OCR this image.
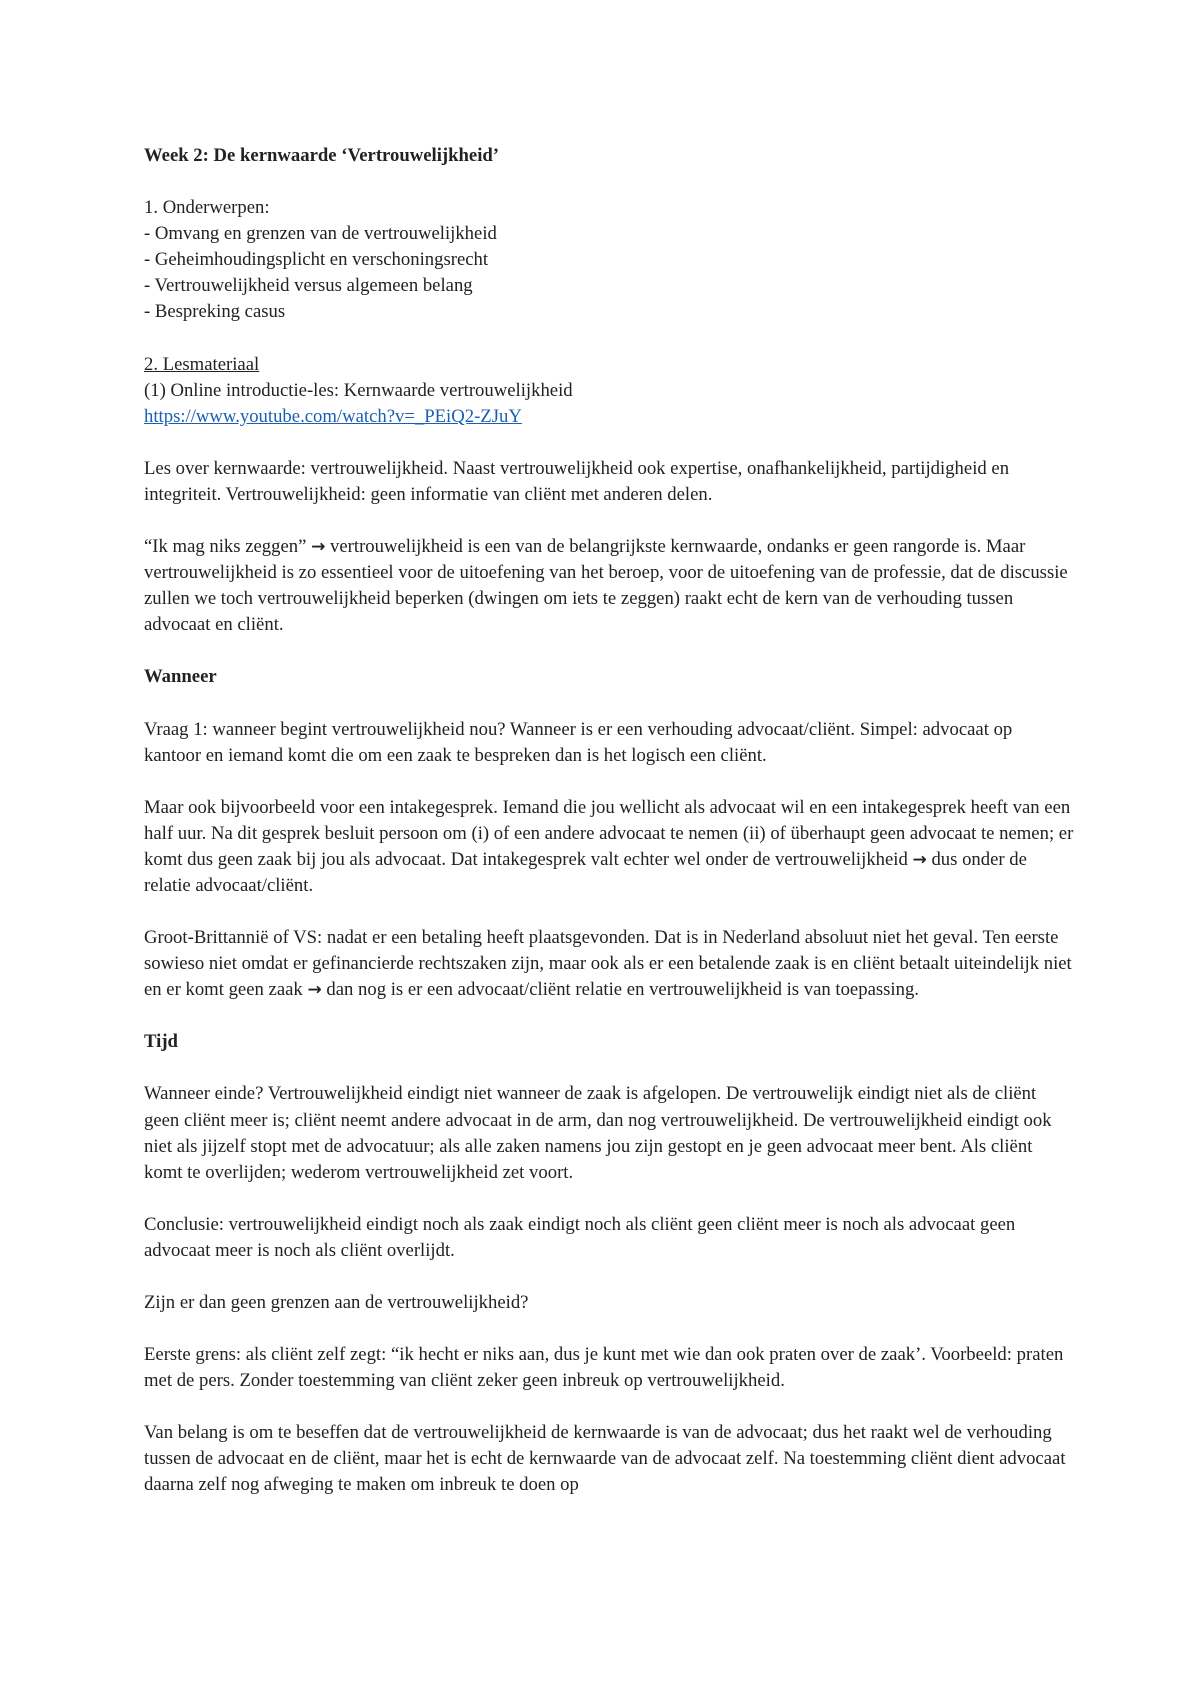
Week 2: De kernwaarde ‘Vertrouwelijkheid’
1. Onderwerpen:
- Omvang en grenzen van de vertrouwelijkheid
- Geheimhoudingsplicht en verschoningsrecht
- Vertrouwelijkheid versus algemeen belang
- Bespreking casus
2. Lesmateriaal
(1) Online introductie-les: Kernwaarde vertrouwelijkheid
https://www.youtube.com/watch?v=_PEiQ2-ZJuY

Les over kernwaarde: vertrouwelijkheid. Naast vertrouwelijkheid ook expertise, onafhankelijkheid, partijdigheid en integriteit. Vertrouwelijkheid: geen informatie van cliënt met anderen delen.

“Ik mag niks zeggen” → vertrouwelijkheid is een van de belangrijkste kernwaarde, ondanks er geen rangorde is. Maar vertrouwelijkheid is zo essentieel voor de uitoefening van het beroep, voor de uitoefening van de professie, dat de discussie zullen we toch vertrouwelijkheid beperken (dwingen om iets te zeggen) raakt echt de kern van de verhouding tussen advocaat en cliënt.

Wanneer

Vraag 1: wanneer begint vertrouwelijkheid nou? Wanneer is er een verhouding advocaat/cliënt. Simpel: advocaat op kantoor en iemand komt die om een zaak te bespreken dan is het logisch een cliënt.

Maar ook bijvoorbeeld voor een intakegesprek. Iemand die jou wellicht als advocaat wil en een intakegesprek heeft van een half uur. Na dit gesprek besluit persoon om (i) of een andere advocaat te nemen (ii) of überhaupt geen advocaat te nemen; er komt dus geen zaak bij jou als advocaat. Dat intakegesprek valt echter wel onder de vertrouwelijkheid → dus onder de relatie advocaat/cliënt.

Groot-Brittannië of VS: nadat er een betaling heeft plaatsgevonden. Dat is in Nederland absoluut niet het geval. Ten eerste sowieso niet omdat er gefinancierde rechtszaken zijn, maar ook als er een betalende zaak is en cliënt betaalt uiteindelijk niet en er komt geen zaak → dan nog is er een advocaat/cliënt relatie en vertrouwelijkheid is van toepassing.

Tijd

Wanneer einde? Vertrouwelijkheid eindigt niet wanneer de zaak is afgelopen. De vertrouwelijk eindigt niet als de cliënt geen cliënt meer is; cliënt neemt andere advocaat in de arm, dan nog vertrouwelijkheid. De vertrouwelijkheid eindigt ook niet als jijzelf stopt met de advocatuur; als alle zaken namens jou zijn gestopt en je geen advocaat meer bent. Als cliënt komt te overlijden; wederom vertrouwelijkheid zet voort.

Conclusie: vertrouwelijkheid eindigt noch als zaak eindigt noch als cliënt geen cliënt meer is noch als advocaat geen advocaat meer is noch als cliënt overlijdt.

Zijn er dan geen grenzen aan de vertrouwelijkheid?

Eerste grens: als cliënt zelf zegt: “ik hecht er niks aan, dus je kunt met wie dan ook praten over de zaak’. Voorbeeld: praten met de pers. Zonder toestemming van cliënt zeker geen inbreuk op vertrouwelijkheid.

Van belang is om te beseffen dat de vertrouwelijkheid de kernwaarde is van de advocaat; dus het raakt wel de verhouding tussen de advocaat en de cliënt, maar het is echt de kernwaarde van de advocaat zelf. Na toestemming cliënt dient advocaat daarna zelf nog afweging te maken om inbreuk te doen op
